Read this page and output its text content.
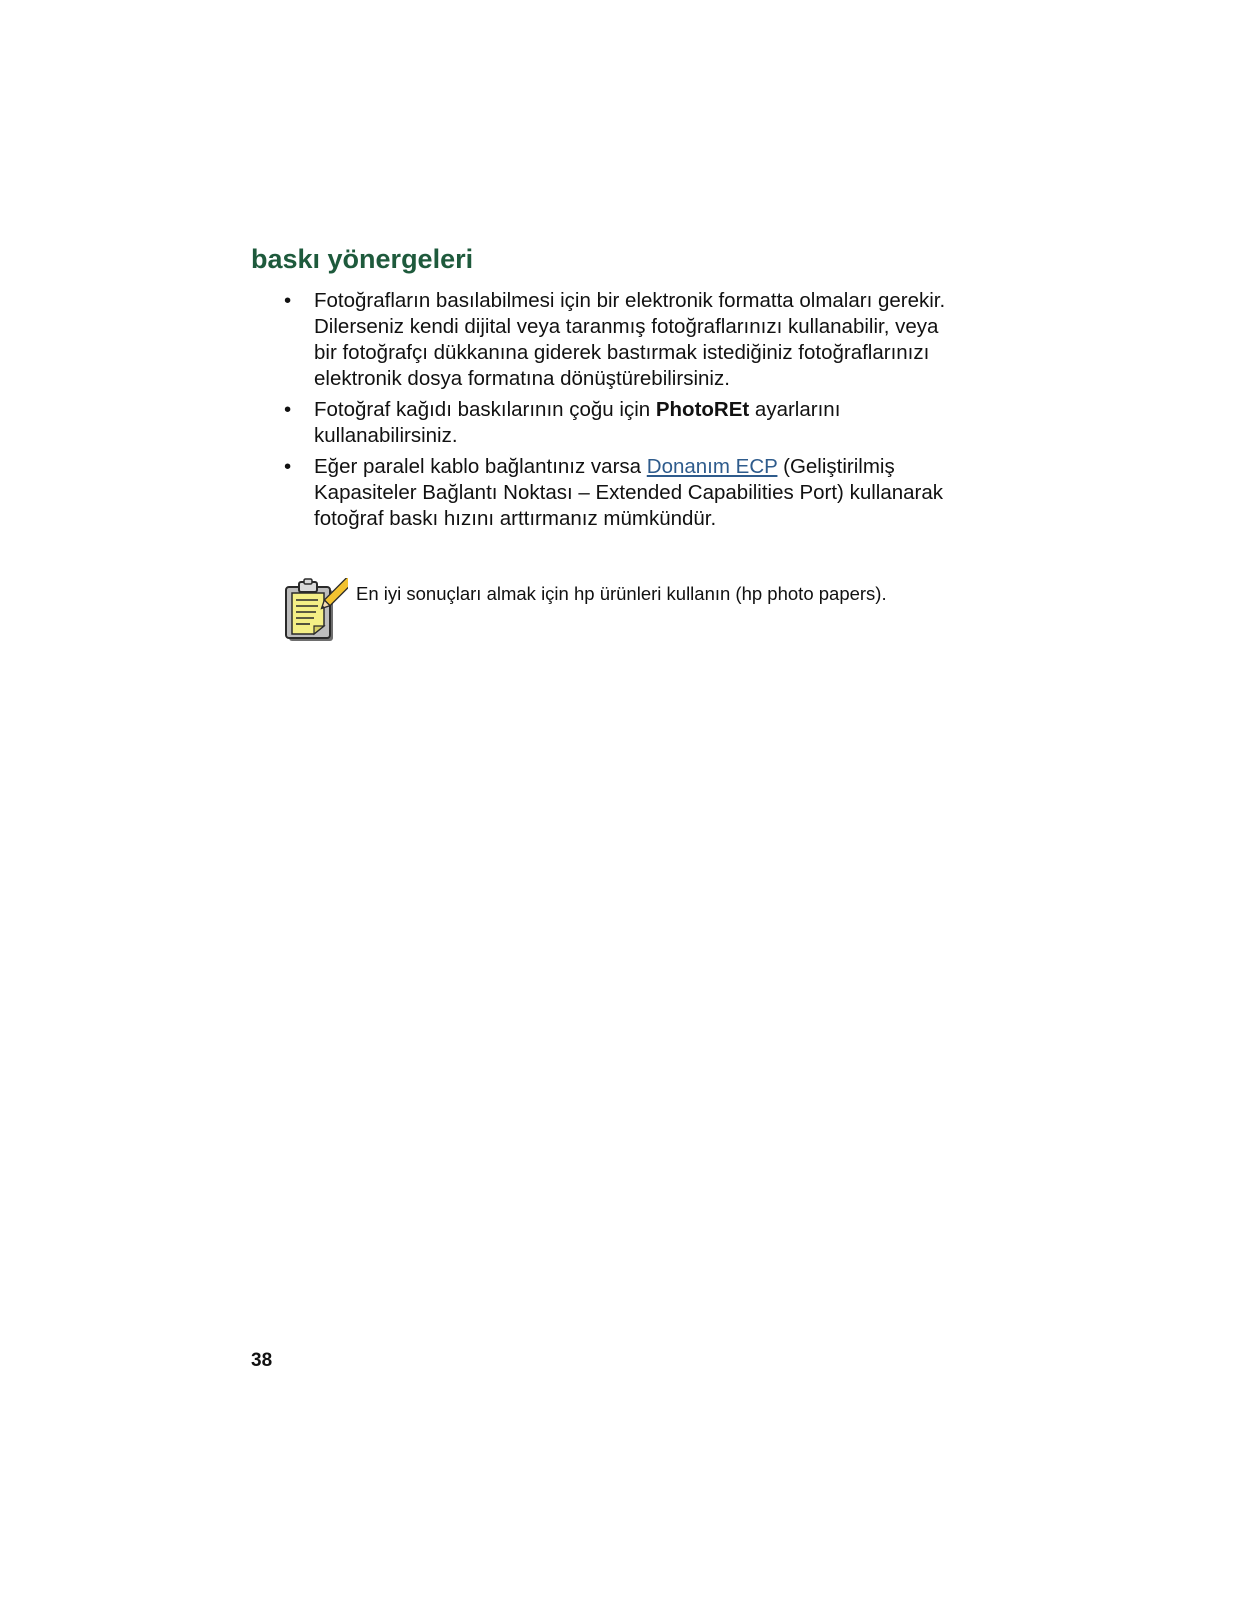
baskı yönergeleri
•	Fotoğrafların basılabilmesi için bir elektronik formatta olmaları gerekir. Dilerseniz kendi dijital veya taranmış fotoğraflarınızı kullanabilir, veya bir fotoğrafçı dükkanına giderek bastırmak istediğiniz fotoğraflarınızı elektronik dosya formatına dönüştürebilirsiniz.
•	Fotoğraf kağıdı baskılarının çoğu için PhotoREt ayarlarını kullanabilirsiniz.
•	Eğer paralel kablo bağlantınız varsa Donanım ECP (Geliştirilmiş Kapasiteler Bağlantı Noktası – Extended Capabilities Port) kullanarak fotoğraf baskı hızını arttırmanız mümkündür.
En iyi sonuçları almak için hp ürünleri kullanın (hp photo papers).
38
